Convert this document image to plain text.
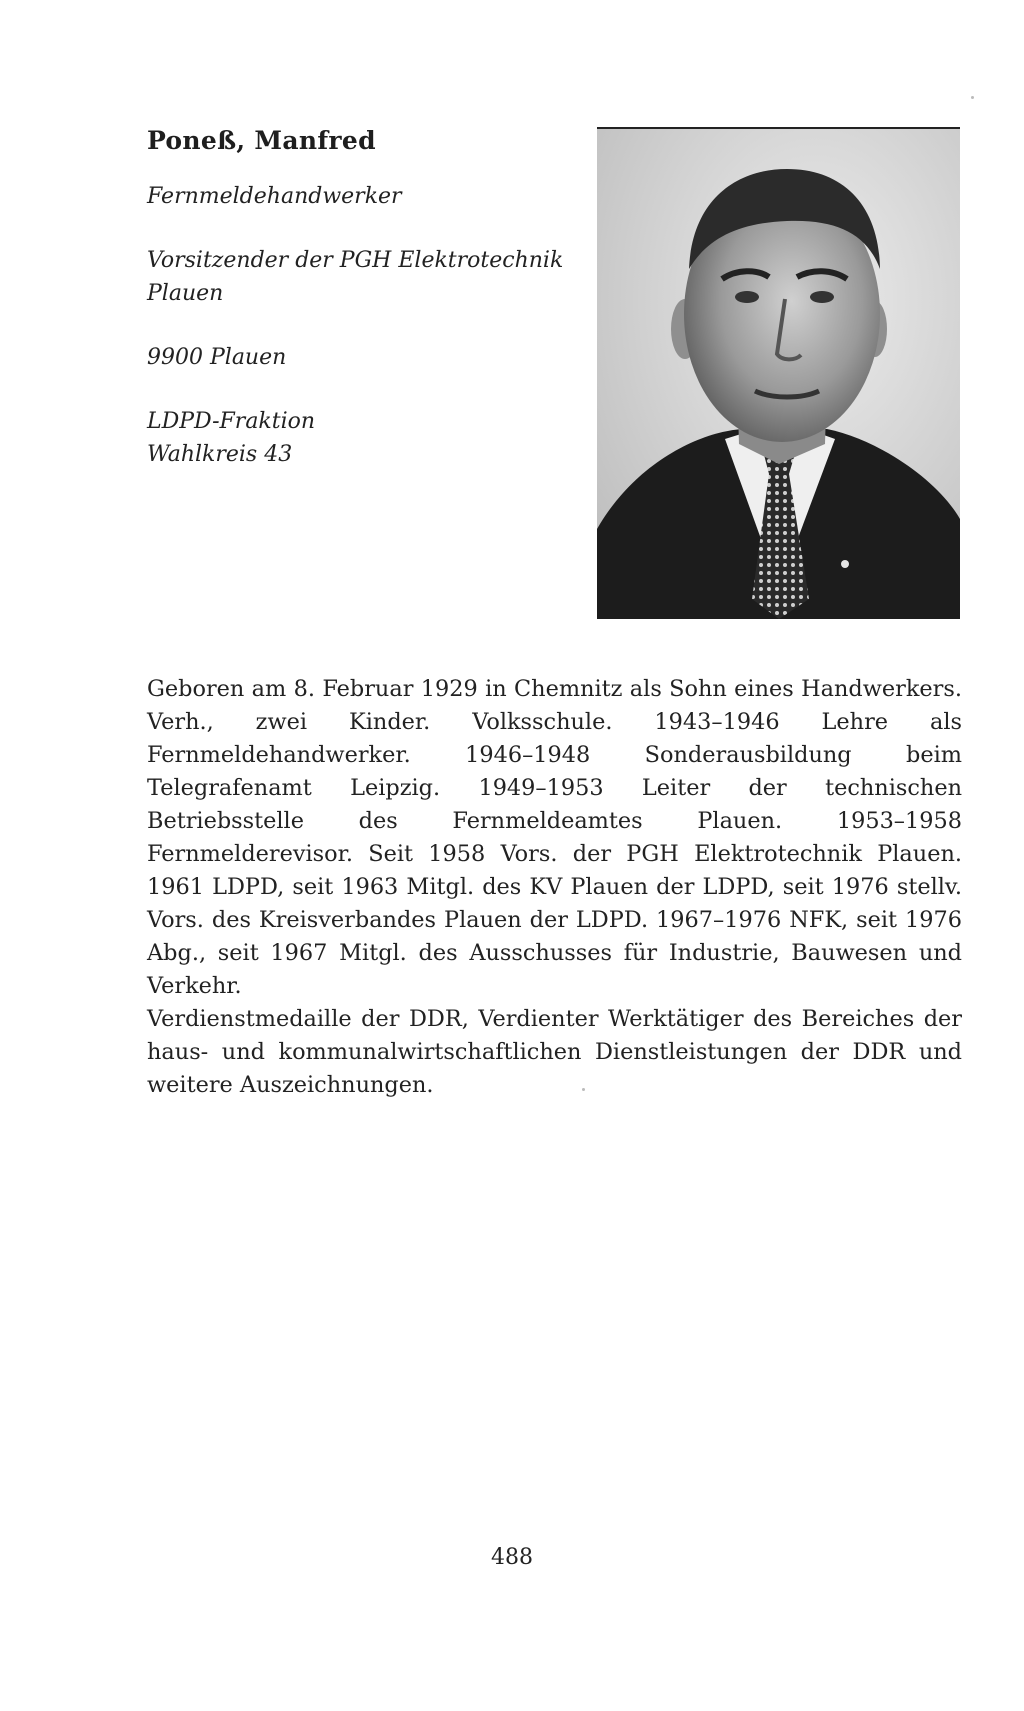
Poneß, Manfred

Fernmeldehandwerker

Vorsitzender der PGH Elektrotechnik

Plauen

9900 Plauen

LDPD-Fraktion

Wahlkreis 43

Geboren am 8. Februar 1929 in Chemnitz als Sohn eines Handwerkers. Verh., zwei Kinder. Volksschule. 1943–1946 Lehre als Fernmeldehandwerker. 1946–1948 Sonderausbildung beim Telegrafenamt Leipzig. 1949–1953 Leiter der technischen Betriebsstelle des Fernmeldeamtes Plauen. 1953–1958 Fernmelderevisor. Seit 1958 Vors. der PGH Elektrotechnik Plauen. 1961 LDPD, seit 1963 Mitgl. des KV Plauen der LDPD, seit 1976 stellv. Vors. des Kreisverbandes Plauen der LDPD. 1967–1976 NFK, seit 1976 Abg., seit 1967 Mitgl. des Ausschusses für Industrie, Bauwesen und Verkehr.

Verdienstmedaille der DDR, Verdienter Werktätiger des Bereiches der haus- und kommunalwirtschaftlichen Dienstleistungen der DDR und weitere Auszeichnungen.

488
